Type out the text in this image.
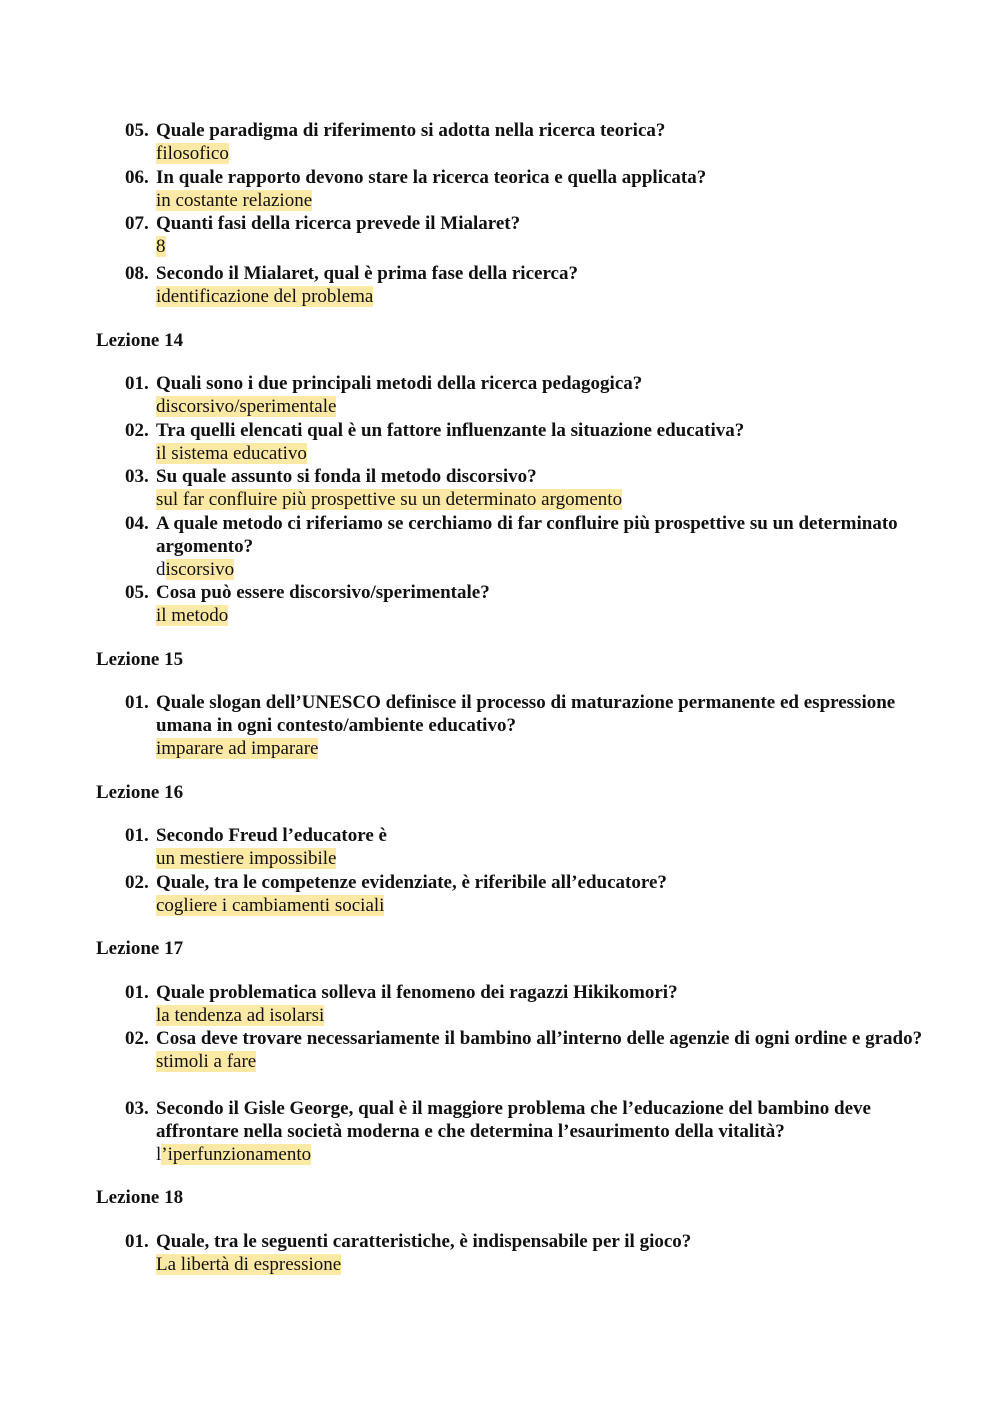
05. Quale paradigma di riferimento si adotta nella ricerca teorica?
filosofico
06. In quale rapporto devono stare la ricerca teorica e quella applicata?
in costante relazione
07. Quanti fasi della ricerca prevede il Mialaret?
8
08. Secondo il Mialaret, qual è prima fase della ricerca?
identificazione del problema
Lezione 14
01. Quali sono i due principali metodi della ricerca pedagogica?
discorsivo/sperimentale
02. Tra quelli elencati qual è un fattore influenzante la situazione educativa?
il sistema educativo
03. Su quale assunto si fonda il metodo discorsivo?
sul far confluire più prospettive su un determinato argomento
04. A quale metodo ci riferiamo se cerchiamo di far confluire più prospettive su un determinato argomento?
discorsivo
05. Cosa può essere discorsivo/sperimentale?
il metodo
Lezione 15
01. Quale slogan dell’UNESCO definisce il processo di maturazione permanente ed espressione umana in ogni contesto/ambiente educativo?
imparare ad imparare
Lezione 16
01. Secondo Freud l’educatore è
un mestiere impossibile
02. Quale, tra le competenze evidenziate, è riferibile all’educatore?
cogliere i cambiamenti sociali
Lezione 17
01. Quale problematica solleva il fenomeno dei ragazzi Hikikomori?
la tendenza ad isolarsi
02. Cosa deve trovare necessariamente il bambino all’interno delle agenzie di ogni ordine e grado?
stimoli a fare
03. Secondo il Gisle George, qual è il maggiore problema che l’educazione del bambino deve affrontare nella società moderna e che determina l’esaurimento della vitalità?
l’iperfunzionamento
Lezione 18
01. Quale, tra le seguenti caratteristiche, è indispensabile per il gioco?
La libertà di espressione
